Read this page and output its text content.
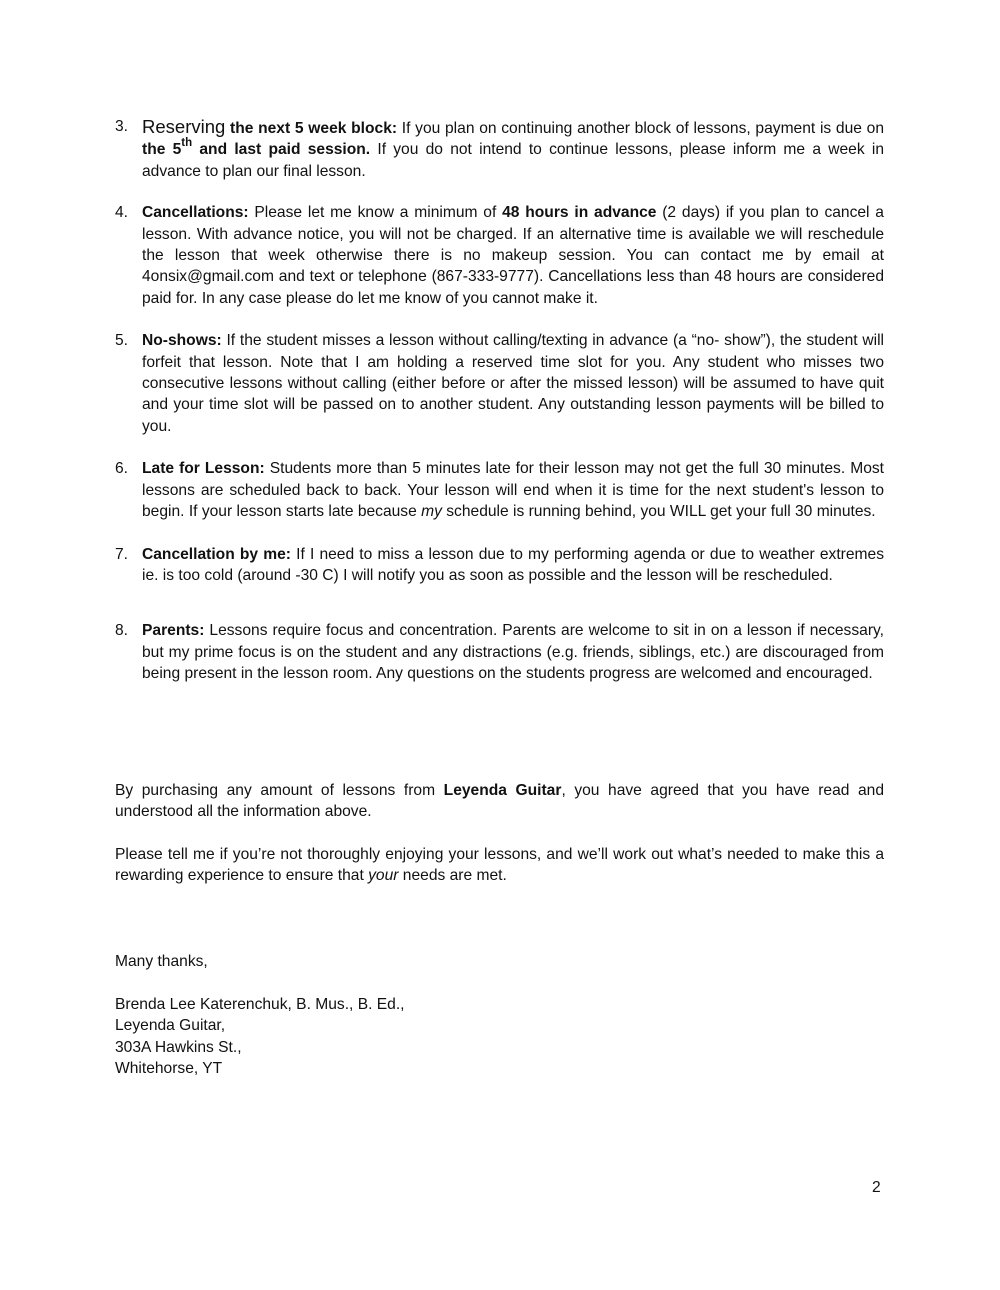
3. Reserving the next 5 week block: If you plan on continuing another block of lessons, payment is due on the 5th and last paid session. If you do not intend to continue lessons, please inform me a week in advance to plan our final lesson.
4. Cancellations: Please let me know a minimum of 48 hours in advance (2 days) if you plan to cancel a lesson. With advance notice, you will not be charged. If an alternative time is available we will reschedule the lesson that week otherwise there is no makeup session. You can contact me by email at 4onsix@gmail.com and text or telephone (867-333-9777). Cancellations less than 48 hours are considered paid for. In any case please do let me know of you cannot make it.
5. No-shows: If the student misses a lesson without calling/texting in advance (a “no- show”), the student will forfeit that lesson. Note that I am holding a reserved time slot for you. Any student who misses two consecutive lessons without calling (either before or after the missed lesson) will be assumed to have quit and your time slot will be passed on to another student. Any outstanding lesson payments will be billed to you.
6. Late for Lesson: Students more than 5 minutes late for their lesson may not get the full 30 minutes. Most lessons are scheduled back to back. Your lesson will end when it is time for the next student's lesson to begin. If your lesson starts late because my schedule is running behind, you WILL get your full 30 minutes.
7. Cancellation by me: If I need to miss a lesson due to my performing agenda or due to weather extremes ie. is too cold (around -30 C) I will notify you as soon as possible and the lesson will be rescheduled.
8. Parents: Lessons require focus and concentration. Parents are welcome to sit in on a lesson if necessary, but my prime focus is on the student and any distractions (e.g. friends, siblings, etc.) are discouraged from being present in the lesson room. Any questions on the students progress are welcomed and encouraged.

By purchasing any amount of lessons from Leyenda Guitar, you have agreed that you have read and understood all the information above.

Please tell me if you’re not thoroughly enjoying your lessons, and we’ll work out what’s needed to make this a rewarding experience to ensure that your needs are met.

Many thanks,

Brenda Lee Katerenchuk, B. Mus., B. Ed.,
Leyenda Guitar,
303A Hawkins St.,
Whitehorse, YT
2
